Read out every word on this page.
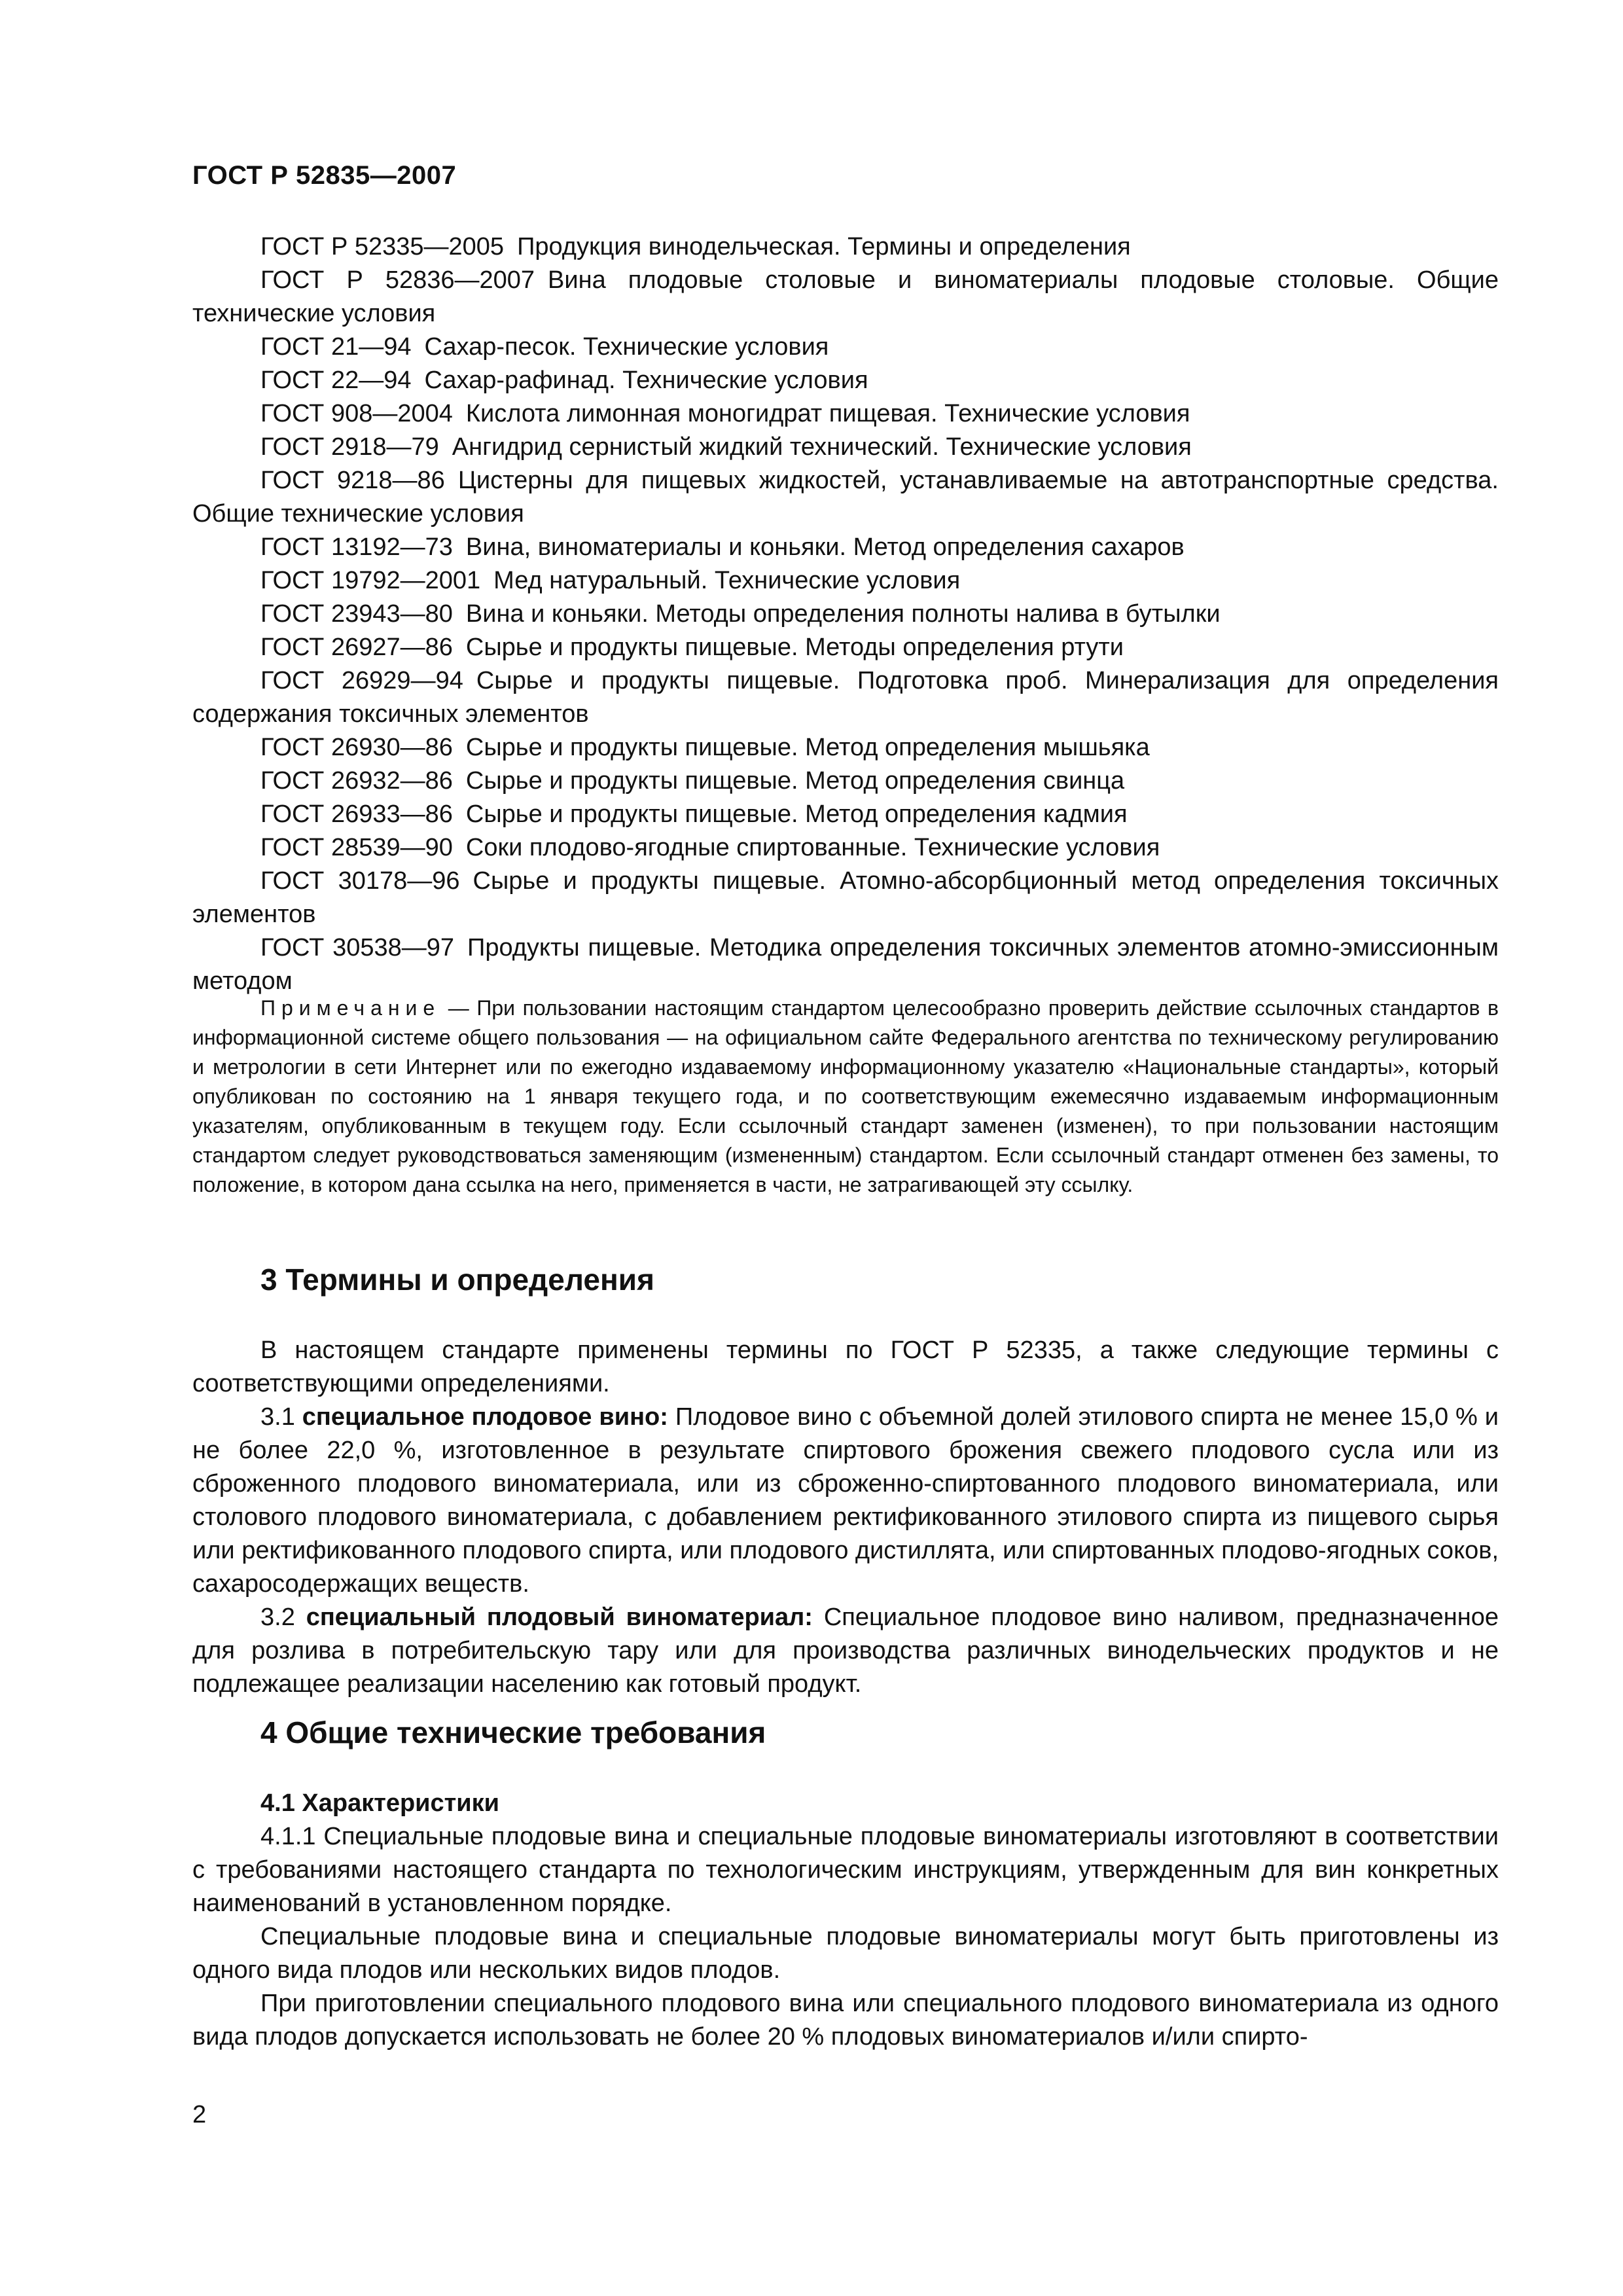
ГОСТ Р 52835—2007
ГОСТ Р 52335—2005 Продукция винодельческая. Термины и определения
ГОСТ Р 52836—2007 Вина плодовые столовые и виноматериалы плодовые столовые. Общие технические условия
ГОСТ 21—94 Сахар-песок. Технические условия
ГОСТ 22—94 Сахар-рафинад. Технические условия
ГОСТ 908—2004 Кислота лимонная моногидрат пищевая. Технические условия
ГОСТ 2918—79 Ангидрид сернистый жидкий технический. Технические условия
ГОСТ 9218—86 Цистерны для пищевых жидкостей, устанавливаемые на автотранспортные средства. Общие технические условия
ГОСТ 13192—73 Вина, виноматериалы и коньяки. Метод определения сахаров
ГОСТ 19792—2001 Мед натуральный. Технические условия
ГОСТ 23943—80 Вина и коньяки. Методы определения полноты налива в бутылки
ГОСТ 26927—86 Сырье и продукты пищевые. Методы определения ртути
ГОСТ 26929—94 Сырье и продукты пищевые. Подготовка проб. Минерализация для определения содержания токсичных элементов
ГОСТ 26930—86 Сырье и продукты пищевые. Метод определения мышьяка
ГОСТ 26932—86 Сырье и продукты пищевые. Метод определения свинца
ГОСТ 26933—86 Сырье и продукты пищевые. Метод определения кадмия
ГОСТ 28539—90 Соки плодово-ягодные спиртованные. Технические условия
ГОСТ 30178—96 Сырье и продукты пищевые. Атомно-абсорбционный метод определения токсичных элементов
ГОСТ 30538—97 Продукты пищевые. Методика определения токсичных элементов атомно-эмиссионным методом
Примечание — При пользовании настоящим стандартом целесообразно проверить действие ссылочных стандартов в информационной системе общего пользования — на официальном сайте Федерального агентства по техническому регулированию и метрологии в сети Интернет или по ежегодно издаваемому информационному указателю «Национальные стандарты», который опубликован по состоянию на 1 января текущего года, и по соответствующим ежемесячно издаваемым информационным указателям, опубликованным в текущем году. Если ссылочный стандарт заменен (изменен), то при пользовании настоящим стандартом следует руководствоваться заменяющим (измененным) стандартом. Если ссылочный стандарт отменен без замены, то положение, в котором дана ссылка на него, применяется в части, не затрагивающей эту ссылку.
3 Термины и определения
В настоящем стандарте применены термины по ГОСТ Р 52335, а также следующие термины с соответствующими определениями.
3.1 специальное плодовое вино: Плодовое вино с объемной долей этилового спирта не менее 15,0 % и не более 22,0 %, изготовленное в результате спиртового брожения свежего плодового сусла или из сброженного плодового виноматериала, или из сброженно-спиртованного плодового виноматериала, или столового плодового виноматериала, с добавлением ректификованного этилового спирта из пищевого сырья или ректификованного плодового спирта, или плодового дистиллята, или спиртованных плодово-ягодных соков, сахаросодержащих веществ.
3.2 специальный плодовый виноматериал: Специальное плодовое вино наливом, предназначенное для розлива в потребительскую тару или для производства различных винодельческих продуктов и не подлежащее реализации населению как готовый продукт.
4 Общие технические требования
4.1 Характеристики
4.1.1 Специальные плодовые вина и специальные плодовые виноматериалы изготовляют в соответствии с требованиями настоящего стандарта по технологическим инструкциям, утвержденным для вин конкретных наименований в установленном порядке.
Специальные плодовые вина и специальные плодовые виноматериалы могут быть приготовлены из одного вида плодов или нескольких видов плодов.
При приготовлении специального плодового вина или специального плодового виноматериала из одного вида плодов допускается использовать не более 20 % плодовых виноматериалов и/или спирто-
2
